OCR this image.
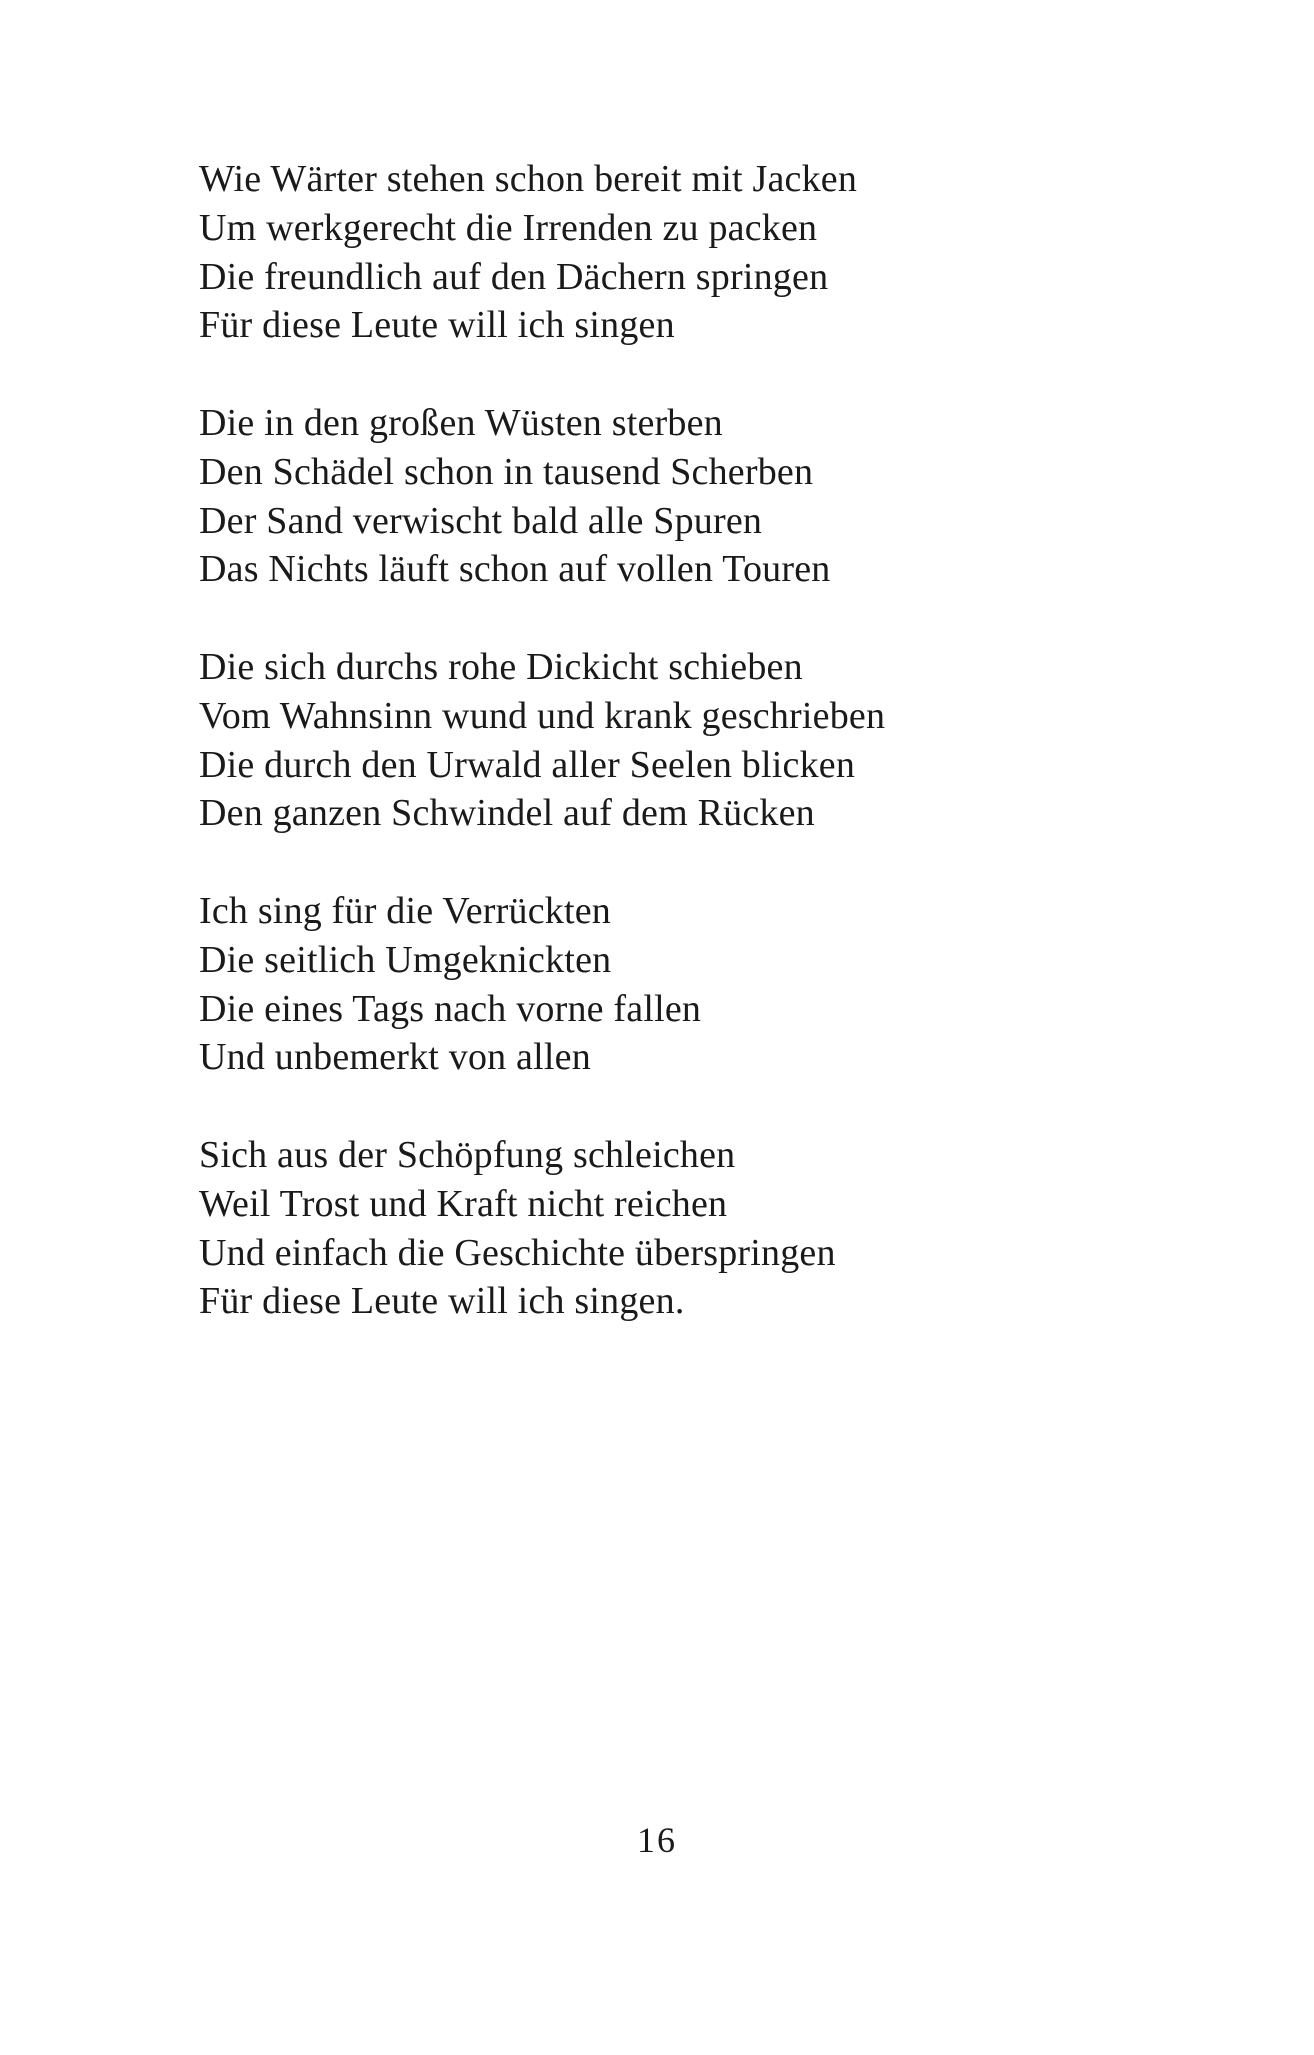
Wie Wärter stehen schon bereit mit Jacken
Um werkgerecht die Irrenden zu packen
Die freundlich auf den Dächern springen
Für diese Leute will ich singen
Die in den großen Wüsten sterben
Den Schädel schon in tausend Scherben
Der Sand verwischt bald alle Spuren
Das Nichts läuft schon auf vollen Touren
Die sich durchs rohe Dickicht schieben
Vom Wahnsinn wund und krank geschrieben
Die durch den Urwald aller Seelen blicken
Den ganzen Schwindel auf dem Rücken
Ich sing für die Verrückten
Die seitlich Umgeknickten
Die eines Tags nach vorne fallen
Und unbemerkt von allen
Sich aus der Schöpfung schleichen
Weil Trost und Kraft nicht reichen
Und einfach die Geschichte überspringen
Für diese Leute will ich singen.
16
